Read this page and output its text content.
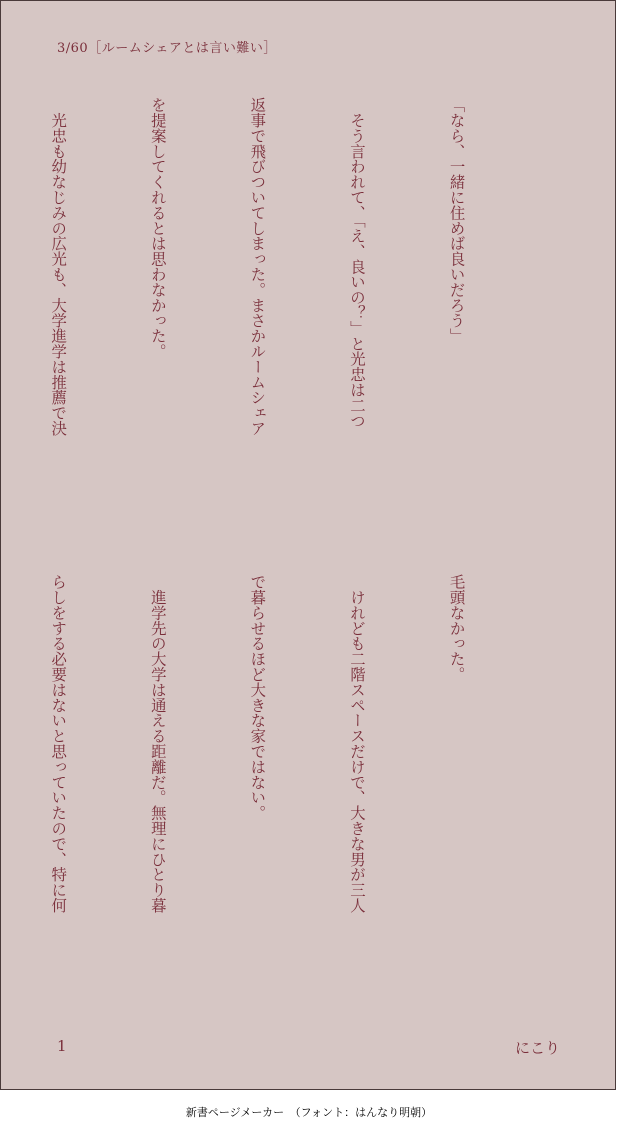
3/60［ルームシェアとは言い難い］

「なら、一緒に住めば良いだろう」

　そう言われて、「え、良いの？」と光忠は二つ

返事で飛びついてしまった。まさかルームシェア

を提案してくれるとは思わなかった。

　光忠も幼なじみの広光も、大学進学は推薦で決

毛頭なかった。

　けれども二階スペースだけで、大きな男が三人

で暮らせるほど大きな家ではない。

　進学先の大学は通える距離だ。無理にひとり暮

らしをする必要はないと思っていたので、特に何

1	にこり
新書ページメーカー　（フォント：はんなり明朝）
